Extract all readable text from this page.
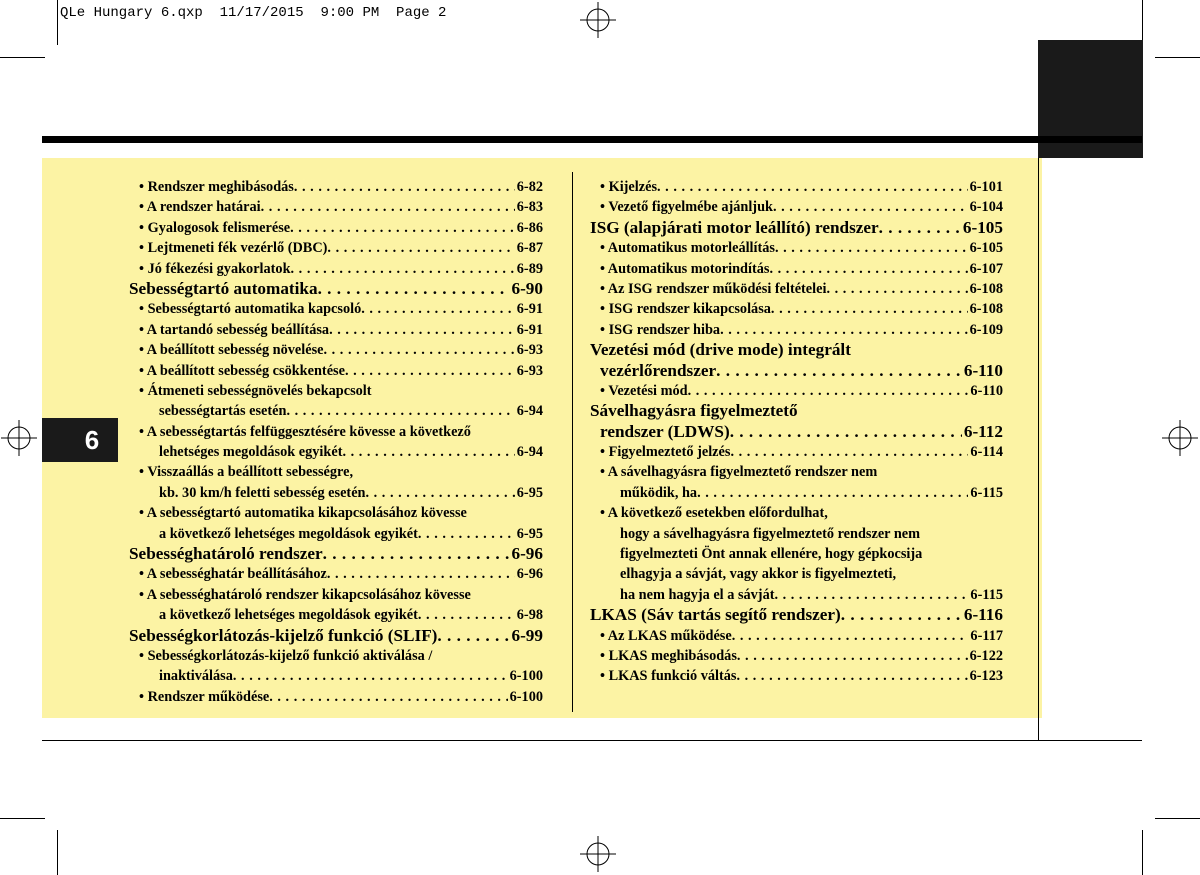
QLe Hungary 6.qxp  11/17/2015  9:00 PM  Page 2
6
• Rendszer meghibásodás . . .	6-82
• A rendszer határai . . .	6-83
• Gyalogosok felismerése . . .	6-86
• Lejtmeneti fék vezérlő (DBC) . . .	6-87
• Jó fékezési gyakorlatok . . .	6-89
Sebességtartó automatika . . .	6-90
• Sebességtartó automatika kapcsoló . . .	6-91
• A tartandó sebesség beállítása . . .	6-91
• A beállított sebesség növelése . . .	6-93
• A beállított sebesség csökkentése . . .	6-93
• Átmeneti sebességnövelés bekapcsolt
sebességtartás esetén . . .	6-94
• A sebességtartás felfüggesztésére kövesse a következő
lehetséges megoldások egyikét . . .	6-94
• Visszaállás a beállított sebességre,
kb. 30 km/h feletti sebesség esetén . . .	6-95
• A sebességtartó automatika kikapcsolásához kövesse
a következő lehetséges megoldások egyikét . . .	6-95
Sebességhatároló rendszer . . .	6-96
• A sebességhatár beállításához . . .	6-96
• A sebességhatároló rendszer kikapcsolásához kövesse
a következő lehetséges megoldások egyikét . . .	6-98
Sebességkorlátozás-kijelző funkció (SLIF) . . .	6-99
• Sebességkorlátozás-kijelző funkció aktiválása /
inaktiválása . . .	6-100
• Rendszer működése . . .	6-100
• Kijelzés . . .	6-101
• Vezető figyelmébe ajánljuk . . .	6-104
ISG (alapjárati motor leállító) rendszer . . .	6-105
• Automatikus motorleállítás . . .	6-105
• Automatikus motorindítás . . .	6-107
• Az ISG rendszer működési feltételei . . .	6-108
• ISG rendszer kikapcsolása . . .	6-108
• ISG rendszer hiba . . .	6-109
Vezetési mód (drive mode) integrált
vezérlőrendszer . . .	6-110
• Vezetési mód . . .	6-110
Sávelhagyásra figyelmeztető
rendszer (LDWS) . . .	6-112
• Figyelmeztető jelzés . . .	6-114
• A sávelhagyásra figyelmeztető rendszer nem
működik, ha . . .	6-115
• A következő esetekben előfordulhat,
hogy a sávelhagyásra figyelmeztető rendszer nem
figyelmezteti Önt annak ellenére, hogy gépkocsija
elhagyja a sávját, vagy akkor is figyelmezteti,
ha nem hagyja el a sávját . . .	6-115
LKAS (Sáv tartás segítő rendszer) . . .	6-116
• Az LKAS működése . . .	6-117
• LKAS meghibásodás . . .	6-122
• LKAS funkció váltás . . .	6-123
